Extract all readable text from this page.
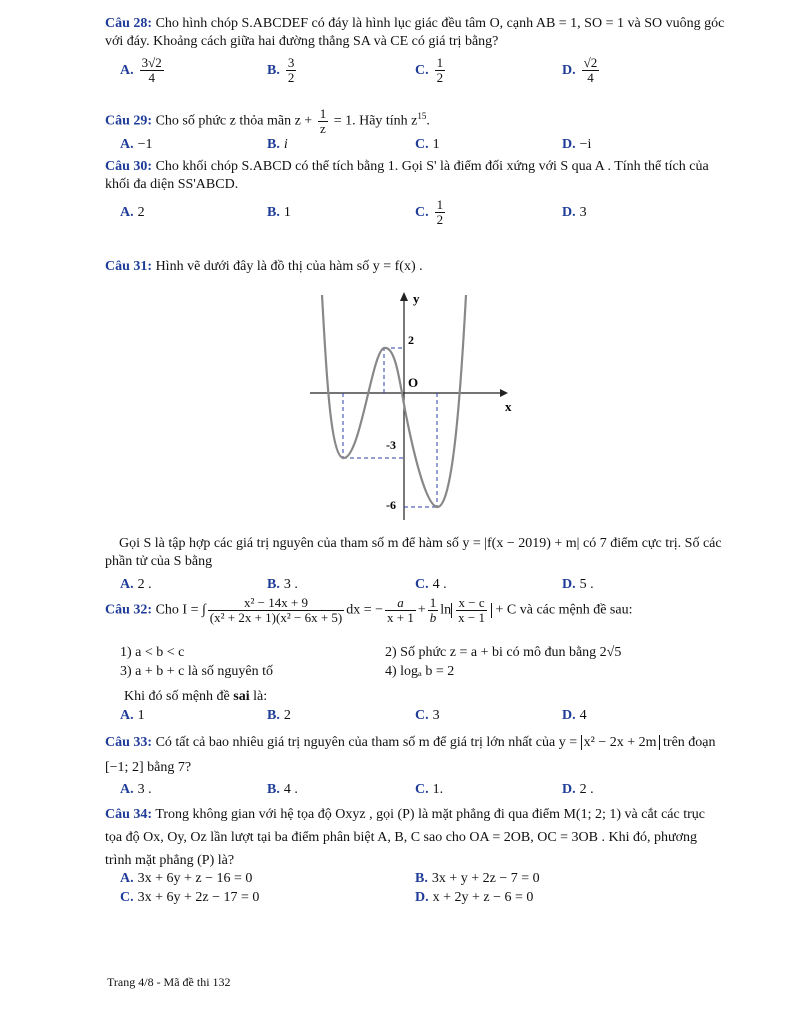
Câu 28: Cho hình chóp S.ABCDEF có đáy là hình lục giác đều tâm O, cạnh AB = 1, SO = 1 và SO vuông góc với đáy. Khoảng cách giữa hai đường thẳng SA và CE có giá trị bằng?
A. $\frac{3√2}{4}$	B. $\frac{3}{2}$	C. $\frac{1}{2}$	D. $\frac{√2}{4}$
Câu 29: Cho số phức z thỏa mãn $z + \frac{1}{z} = 1$. Hãy tính $z^{15}$.
A. −1	B. i	C. 1	D. −i
Câu 30: Cho khối chóp S.ABCD có thể tích bằng 1. Gọi S' là điểm đối xứng với S qua A . Tính thể tích của khối đa diện SS'ABCD.
A. 2	B. 1	C. $\frac{1}{2}$	D. 3
Câu 31: Hình vẽ dưới đây là đồ thị của hàm số y = f(x) .
y
x
O
2
-3
-6
Gọi S là tập hợp các giá trị nguyên của tham số m để hàm số y = |f(x − 2019) + m| có 7 điểm cực trị. Số các phần tử của S bằng
A. 2 .	B. 3 .	C. 4 .	D. 5 .
Câu 32: Cho I = ∫ $\frac{\text{x² − 14x + 9}}{\text{(x² + 2x + 1)(x² − 6x + 5)}}$ dx = − $\frac{a}{x + 1} + \frac{1}{b}$ $\ln \frac{x - c}{x - 1} + C$ và các mệnh đề sau:
1) a < b < c	2) Số phức z = a + bi có mô đun bằng 2√5
3) a + b + c là số nguyên tố	4) logₐ b = 2
Khi đó số mệnh đề sai là:
A. 1	B. 2	C. 3	D. 4
Câu 33: Có tất cả bao nhiêu giá trị nguyên của tham số m để giá trị lớn nhất của y = x² − 2x + 2m trên đoạn [−1; 2] bằng 7?
A. 3 .	B. 4 .	C. 1.	D. 2 .
Câu 34: Trong không gian với hệ tọa độ Oxyz , gọi (P) là mặt phẳng đi qua điểm M(1; 2; 1) và cắt các trục tọa độ Ox, Oy, Oz lần lượt tại ba điểm phân biệt A, B, C sao cho OA = 2OB, OC = 3OB . Khi đó, phương trình mặt phẳng (P) là?
A. 3x + 6y + z − 16 = 0	B. 3x + y + 2z − 7 = 0
C. 3x + 6y + 2z − 17 = 0	D. x + 2y + z − 6 = 0
Trang 4/8 - Mã đề thi 132
